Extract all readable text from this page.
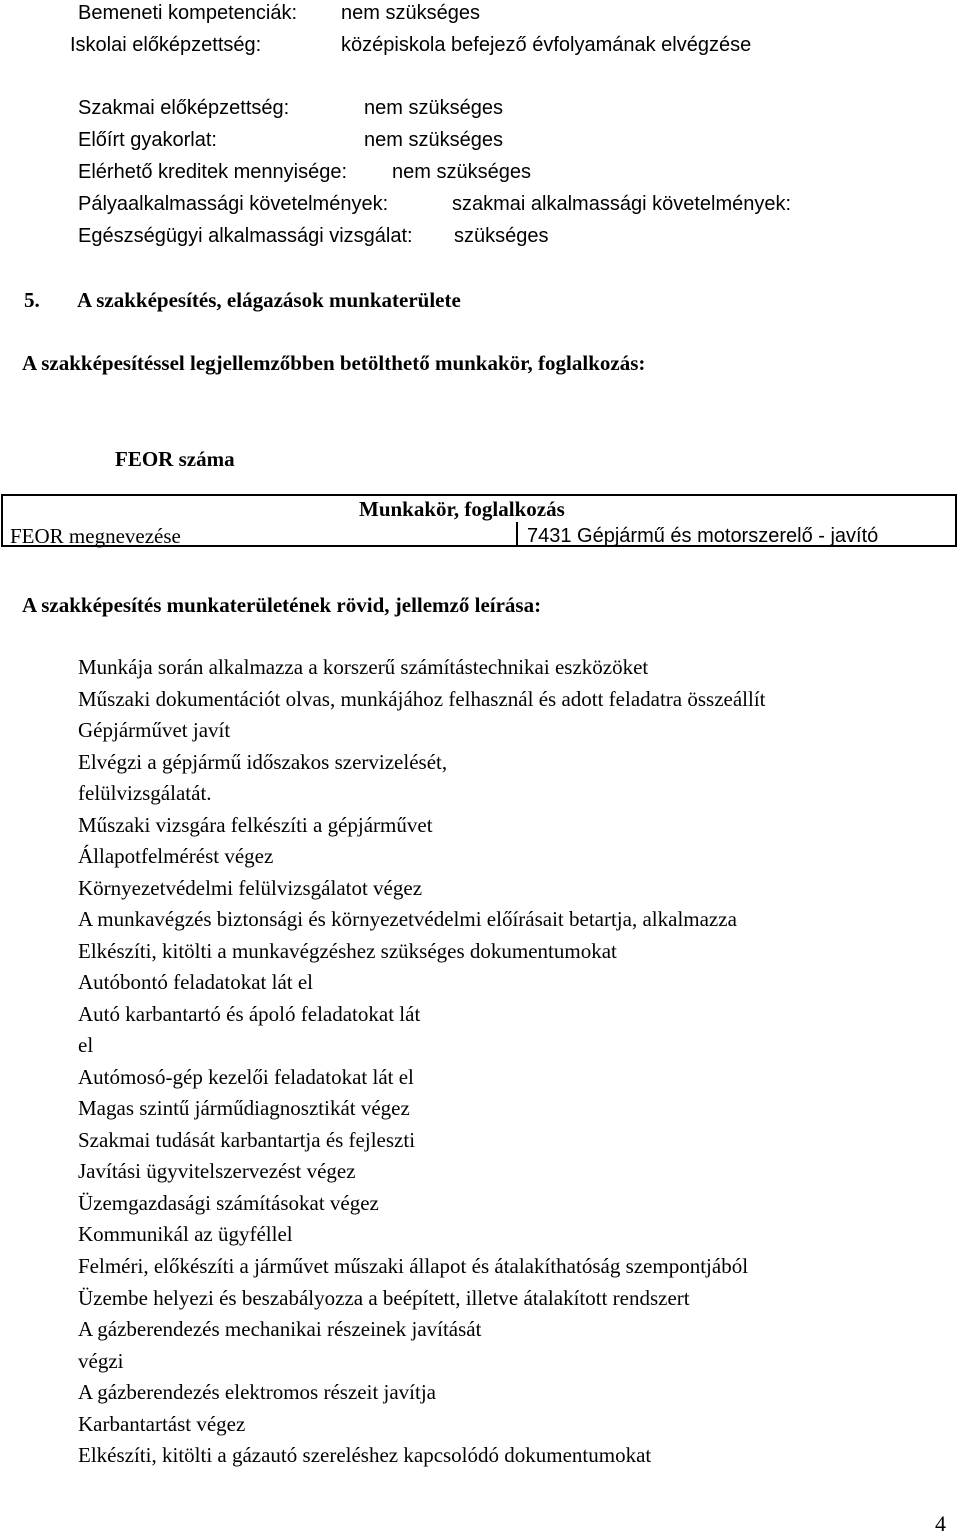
Bemeneti kompetenciák: nem szükséges
Iskolai előképzettség:	középiskola befejező évfolyamának elvégzése
Szakmai előképzettség:	nem szükséges
Előírt gyakorlat:	nem szükséges
Elérhető kreditek mennyisége: nem szükséges
Pályaalkalmassági követelmények:	szakmai alkalmassági követelmények:
Egészségügyi alkalmassági vizsgálat: szükséges
5. A szakképesítés, elágazások munkaterülete
A szakképesítéssel legjellemzőbben betölthető munkakör, foglalkozás:
FEOR száma
Munkakör, foglalkozás
FEOR megnevezése	7431 Gépjármű és motorszerelő - javító
A szakképesítés munkaterületének rövid, jellemző leírása:
Munkája során alkalmazza a korszerű számítástechnikai eszközöket
Műszaki dokumentációt olvas, munkájához felhasznál és adott feladatra összeállít
Gépjárművet javít
Elvégzi a gépjármű időszakos szervizelését,
felülvizsgálatát.
Műszaki vizsgára felkészíti a gépjárművet
Állapotfelmérést végez
Környezetvédelmi felülvizsgálatot végez
A munkavégzés biztonsági és környezetvédelmi előírásait betartja, alkalmazza
Elkészíti, kitölti a munkavégzéshez szükséges dokumentumokat
Autóbontó feladatokat lát el
Autó karbantartó és ápoló feladatokat lát
el
Autómosó-gép kezelői feladatokat lát el
Magas szintű járműdiagnosztikát végez
Szakmai tudását karbantartja és fejleszti
Javítási ügyvitelszervezést végez
Üzemgazdasági számításokat végez
Kommunikál az ügyféllel
Felméri, előkészíti a járművet műszaki állapot és átalakíthatóság szempontjából
Üzembe helyezi és beszabályozza a beépített, illetve átalakított rendszert
A gázberendezés mechanikai részeinek javítását
végzi
A gázberendezés elektromos részeit javítja
Karbantartást végez
Elkészíti, kitölti a gázautó szereléshez kapcsolódó dokumentumokat
4
